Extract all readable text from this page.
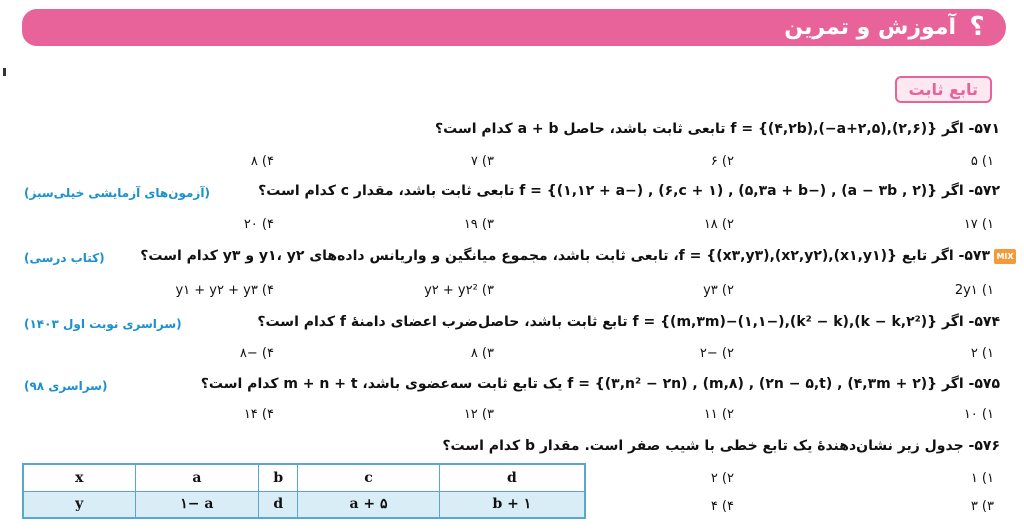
؟
آموزش و تمرین
تابع ثابت
۵۷۱- اگر {(۲,۶),(۵,a+۲−),(۴,۲b)} = f تابعی ثابت باشد، حاصل a + b کدام است؟
۱) ۵
۲) ۶
۳) ۷
۴) ۸
۵۷۲- اگر {(۲ , a − ۳b) , (−۵,۳a + b) , (۶,c + ۱) , (−۱,۱۲ + a)} = f تابعی ثابت باشد، مقدار c کدام است؟
(آزمون‌های آزمایشی خیلی‌سبز)
۱) ۱۷
۲) ۱۸
۳) ۱۹
۴) ۲۰
MIX
۵۷۳- اگر تابع {(x۱,y۱),(x۲,y۲),(x۳,y۳)} = f، تابعی ثابت باشد، مجموع میانگین و واریانس داده‌های y۱، y۲ و y۳ کدام است؟
(کتاب درسی)
۱) 2y۱
۲) y۳
۳) y۲ + y۲²
۴) y۱ + y۲ + y۳
۵۷۴- اگر {(k − k,۲²),(k² − k),(−۱,۱)−(m,۳m)} = f تابع ثابت باشد، حاصل‌ضرب اعضای دامنهٔ f کدام است؟
(سراسری نوبت اول ۱۴۰۳)
۱) ۲
۲) −۲
۳) ۸
۴) −۸
۵۷۵- اگر {(۴,۳m + ۲) , (۲n − ۵,t) , (m,۸) , (۳,n² − ۲n)} = f یک تابع ثابت سه‌عضوی باشد، m + n + t کدام است؟
(سراسری ۹۸)
۱) ۱۰
۲) ۱۱
۳) ۱۲
۴) ۱۴
۵۷۶- جدول زیر نشان‌دهندهٔ یک تابع خطی با شیب صفر است. مقدار b کدام است؟
۱) ۱
۲) ۲
۳) ۳
۴) ۴
x	a	b	c	d
y	۱− a	d	a + ۵	b + ۱
